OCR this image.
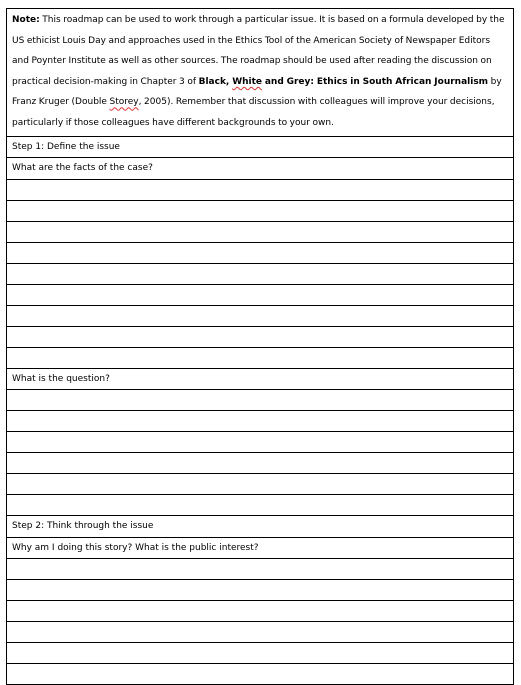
Note: This roadmap can be used to work through a particular issue. It is based on a formula developed by the US ethicist Louis Day and approaches used in the Ethics Tool of the American Society of Newspaper Editors and Poynter Institute as well as other sources. The roadmap should be used after reading the discussion on practical decision-making in Chapter 3 of Black, White and Grey: Ethics in South African Journalism by Franz Kruger (Double Storey, 2005). Remember that discussion with colleagues will improve your decisions, particularly if those colleagues have different backgrounds to your own.
Step 1: Define the issue
What are the facts of the case?

What is the question?

Step 2: Think through the issue
Why am I doing this story? What is the public interest?
